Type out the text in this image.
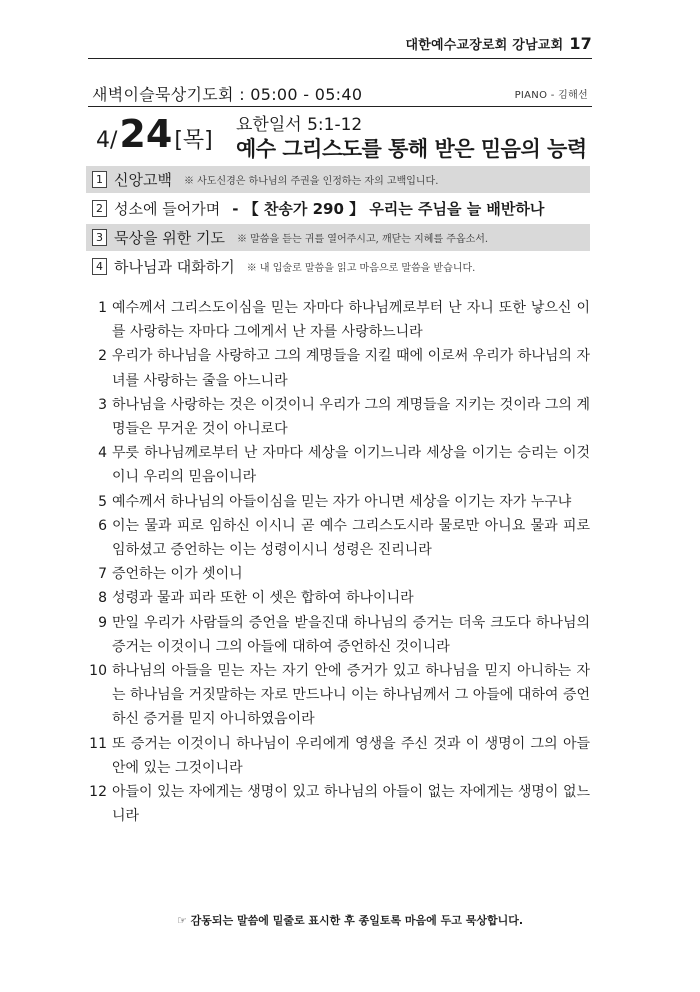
대한예수교장로회 강남교회 17
새벽이슬묵상기도회 : 05:00 - 05:40	PIANO - 김해선
4/ 24 [목]
요한일서 5:1-12
예수 그리스도를 통해 받은 믿음의 능력
1 신앙고백 ※ 사도신경은 하나님의 주권을 인정하는 자의 고백입니다.
2 성소에 들어가며 - 【 찬송가 290 】 우리는 주님을 늘 배반하나
3 묵상을 위한 기도 ※ 말씀을 듣는 귀를 열어주시고, 깨닫는 지혜를 주옵소서.
4 하나님과 대화하기 ※ 내 입술로 말씀을 읽고 마음으로 말씀을 받습니다.
1 예수께서 그리스도이심을 믿는 자마다 하나님께로부터 난 자니 또한 낳으신 이를 사랑하는 자마다 그에게서 난 자를 사랑하느니라
2 우리가 하나님을 사랑하고 그의 계명들을 지킬 때에 이로써 우리가 하나님의 자녀를 사랑하는 줄을 아느니라
3 하나님을 사랑하는 것은 이것이니 우리가 그의 계명들을 지키는 것이라 그의 계명들은 무거운 것이 아니로다
4 무릇 하나님께로부터 난 자마다 세상을 이기느니라 세상을 이기는 승리는 이것이니 우리의 믿음이니라
5 예수께서 하나님의 아들이심을 믿는 자가 아니면 세상을 이기는 자가 누구냐
6 이는 물과 피로 임하신 이시니 곧 예수 그리스도시라 물로만 아니요 물과 피로 임하셨고 증언하는 이는 성령이시니 성령은 진리니라
7 증언하는 이가 셋이니
8 성령과 물과 피라 또한 이 셋은 합하여 하나이니라
9 만일 우리가 사람들의 증언을 받을진대 하나님의 증거는 더욱 크도다 하나님의 증거는 이것이니 그의 아들에 대하여 증언하신 것이니라
10 하나님의 아들을 믿는 자는 자기 안에 증거가 있고 하나님을 믿지 아니하는 자는 하나님을 거짓말하는 자로 만드나니 이는 하나님께서 그 아들에 대하여 증언하신 증거를 믿지 아니하였음이라
11 또 증거는 이것이니 하나님이 우리에게 영생을 주신 것과 이 생명이 그의 아들 안에 있는 그것이니라
12 아들이 있는 자에게는 생명이 있고 하나님의 아들이 없는 자에게는 생명이 없느니라
☞ 감동되는 말씀에 밑줄로 표시한 후 종일토록 마음에 두고 묵상합니다.
